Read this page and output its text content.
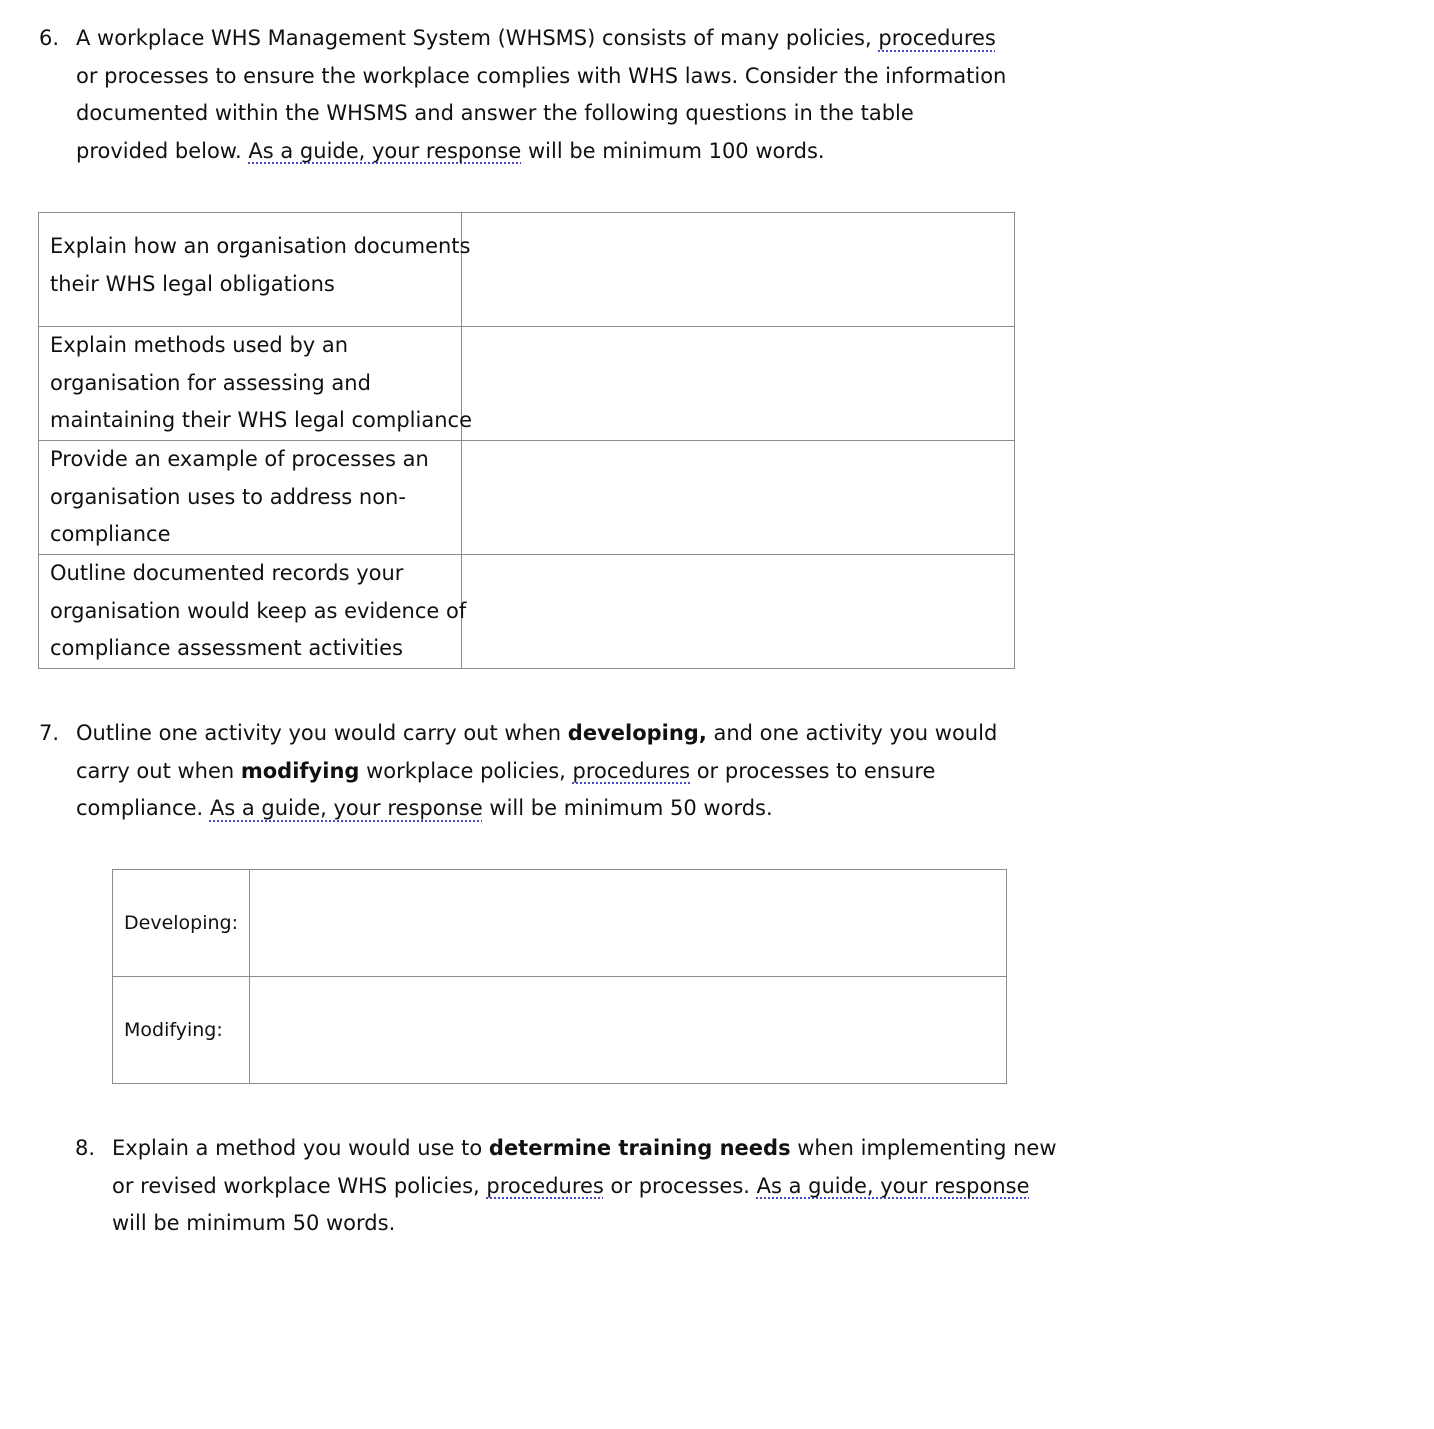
6. A workplace WHS Management System (WHSMS) consists of many policies, procedures
or processes to ensure the workplace complies with WHS laws. Consider the information
documented within the WHSMS and answer the following questions in the table
provided below. As a guide, your response will be minimum 100 words.
Explain how an organisation documents
their WHS legal obligations	

Explain methods used by an
organisation for assessing and
maintaining their WHS legal compliance	

Provide an example of processes an
organisation uses to address non-
compliance	

Outline documented records your
organisation would keep as evidence of
compliance assessment activities	

7. Outline one activity you would carry out when developing, and one activity you would
carry out when modifying workplace policies, procedures or processes to ensure
compliance. As a guide, your response will be minimum 50 words.
Developing:	
Modifying:	
8. Explain a method you would use to determine training needs when implementing new
or revised workplace WHS policies, procedures or processes. As a guide, your response
will be minimum 50 words.
